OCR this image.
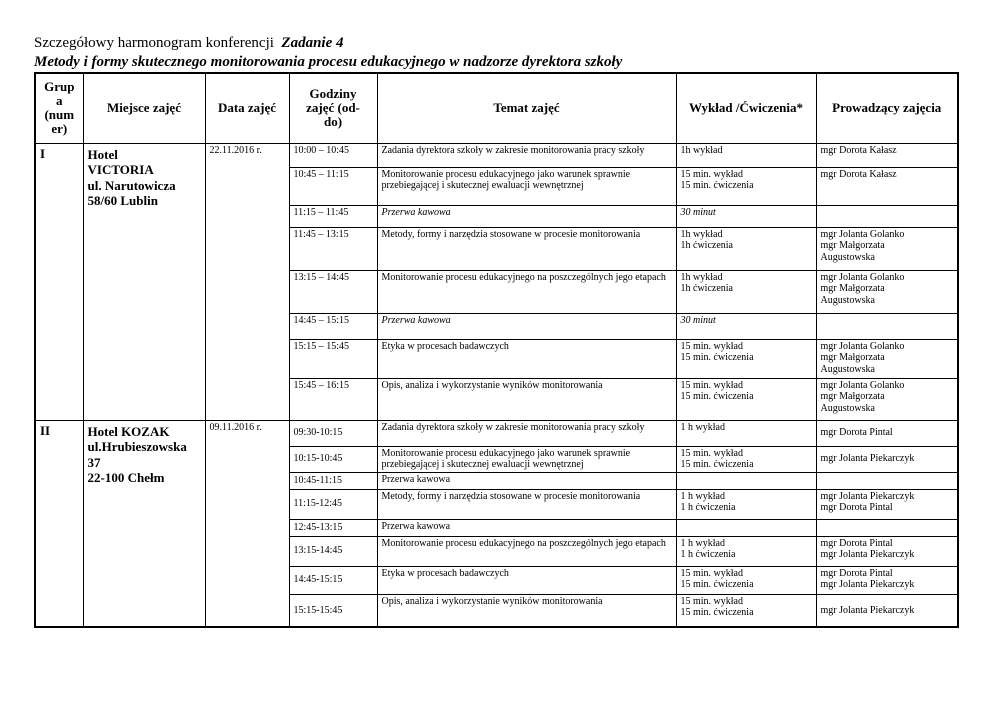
Szczegółowy harmonogram konferencji Zadanie 4
Metody i formy skutecznego monitorowania procesu edukacyjnego w nadzorze dyrektora szkoły
Grup
a
(num
er)	Miejsce zajęć	Data zajęć	Godziny
zajęć (od-
do)	Temat zajęć	Wykład /Ćwiczenia*	Prowadzący zajęcia
I	Hotel
VICTORIA
ul. Narutowicza
58/60 Lublin	22.11.2016 r.	10:00 – 10:45	Zadania dyrektora szkoły w zakresie monitorowania pracy szkoły	1h wykład	mgr Dorota Kałasz
			10:45 – 11:15	Monitorowanie procesu edukacyjnego jako warunek sprawnie przebiegającej i skutecznej ewaluacji wewnętrznej	15 min. wykład
15 min. ćwiczenia	mgr Dorota Kałasz
			11:15 – 11:45	Przerwa kawowa	30 minut	
			11:45 – 13:15	Metody, formy i narzędzia stosowane w procesie monitorowania	1h wykład
1h ćwiczenia	mgr Jolanta Golanko
mgr Małgorzata
Augustowska
			13:15 – 14:45	Monitorowanie procesu edukacyjnego na poszczególnych jego etapach	1h wykład
1h ćwiczenia	mgr Jolanta Golanko
mgr Małgorzata
Augustowska
			14:45 – 15:15	Przerwa kawowa	30 minut	
			15:15 – 15:45	Etyka w procesach badawczych	15 min. wykład
15 min. ćwiczenia	mgr Jolanta Golanko
mgr Małgorzata
Augustowska
			15:45 – 16:15	Opis, analiza i wykorzystanie wyników monitorowania	15 min. wykład
15 min. ćwiczenia	mgr Jolanta Golanko
mgr Małgorzata
Augustowska
II	Hotel KOZAK
ul.Hrubieszowska
37
22-100 Chełm	09.11.2016 r.	09:30-10:15	Zadania dyrektora szkoły w zakresie monitorowania pracy szkoły	1 h wykład	mgr Dorota Pintal
			10:15-10:45	Monitorowanie procesu edukacyjnego jako warunek sprawnie przebiegającej i skutecznej ewaluacji wewnętrznej	15 min. wykład
15 min. ćwiczenia	mgr Jolanta Piekarczyk
			10:45-11:15	Przerwa kawowa		
			11:15-12:45	Metody, formy i narzędzia stosowane w procesie monitorowania	1 h wykład
1 h ćwiczenia	mgr Jolanta Piekarczyk
mgr Dorota Pintal
			12:45-13:15	Przerwa kawowa		
			13:15-14:45	Monitorowanie procesu edukacyjnego na poszczególnych jego etapach	1 h wykład
1 h ćwiczenia	mgr Dorota Pintal
mgr Jolanta Piekarczyk
			14:45-15:15	Etyka w procesach badawczych	15 min. wykład
15 min. ćwiczenia	mgr Dorota Pintal
mgr Jolanta Piekarczyk
			15:15-15:45	Opis, analiza i wykorzystanie wyników monitorowania	15 min. wykład
15 min. ćwiczenia	mgr Jolanta Piekarczyk
